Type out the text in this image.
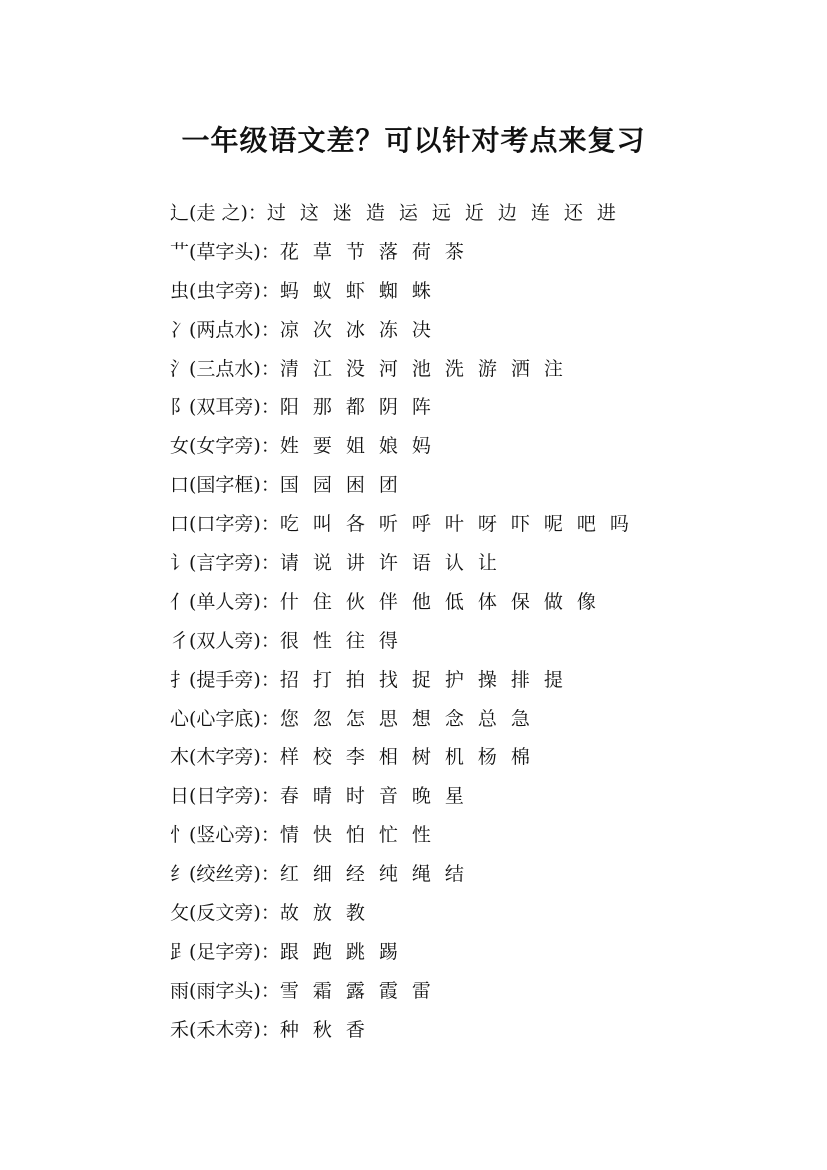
一年级语文差？可以针对考点来复习
辶(走 之)： 过 这 迷 造 运 远 近 边 连 还 进
艹(草字头)： 花 草 节 落 荷 茶
虫(虫字旁)： 蚂 蚁 虾 蜘 蛛
冫(两点水)： 凉 次 冰 冻 决
氵(三点水)： 清 江 没 河 池 洗 游 洒 注
阝(双耳旁)： 阳 那 都 阴 阵
女(女字旁)： 姓 要 姐 娘 妈
口(国字框)： 国 园 困 团
口(口字旁)： 吃 叫 各 听 呼 叶 呀 吓 呢 吧 吗
讠(言字旁)： 请 说 讲 许 语 认 让
亻(单人旁)： 什 住 伙 伴 他 低 体 保 做 像
彳(双人旁)： 很 性 往 得
扌(提手旁)： 招 打 拍 找 捉 护 操 排 提
心(心字底)： 您 忽 怎 思 想 念 总 急
木(木字旁)： 样 校 李 相 树 机 杨 棉
日(日字旁)： 春 晴 时 音 晚 星
忄(竖心旁)： 情 快 怕 忙 性
纟(绞丝旁)： 红 细 经 纯 绳 结
攵(反文旁)： 故 放 教
𧾷(足字旁)： 跟 跑 跳 踢
雨(雨字头)： 雪 霜 露 霞 雷
禾(禾木旁)： 种 秋 香
